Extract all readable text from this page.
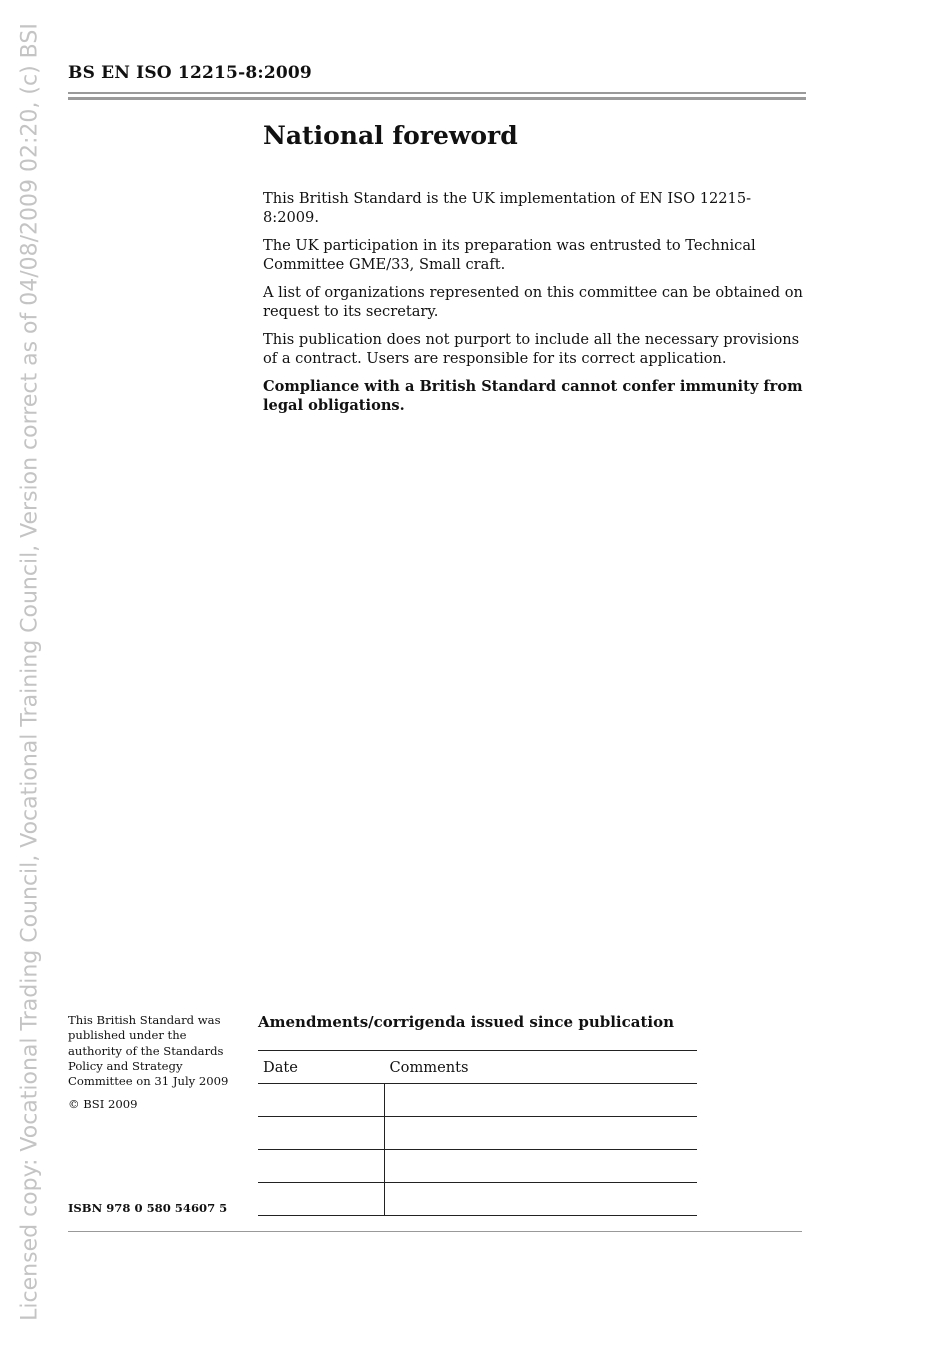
Licensed copy: Vocational Trading Council, Vocational Training Council, Version correct as of 04/08/2009 02:20, (c) BSI BS EN ISO 12215-8:2009
National foreword

This British Standard is the UK implementation of EN ISO 12215-8:2009.

The UK participation in its preparation was entrusted to Technical Committee GME/33, Small craft.

A list of organizations represented on this committee can be obtained on request to its secretary.

This publication does not purport to include all the necessary provisions of a contract. Users are responsible for its correct application.

Compliance with a British Standard cannot confer immunity from legal obligations.

This British Standard was published under the authority of the Standards Policy and Strategy Committee on 31 July 2009
© BSI 2009
ISBN 978 0 580 54607 5
Amendments/corrigenda issued since publication
Date	Comments
